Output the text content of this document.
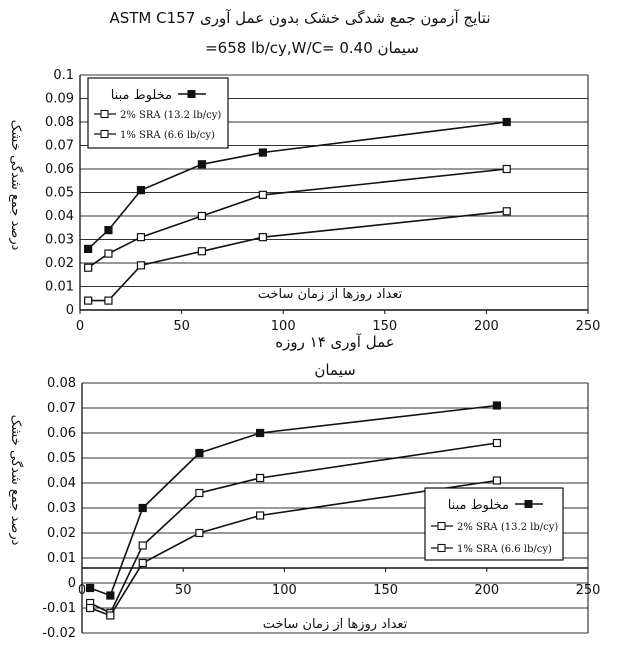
ASTM C157 نتایج آزمون جمع شدگی خشک بدون عمل آوری
=658 lb/cy,W/C= 0.40 سیمان
0
0.01
0.02
0.03
0.04
0.05
0.06
0.07
0.08
0.09
0.1
0	50	100	150	200	250
تعداد روزها از زمان ساخت
درصد جمع شدگی خشک
مخلوط مبنا
2% SRA (13.2 lb/cy)
1% SRA (6.6 lb/cy)
-0.02
-0.01
0
0.01
0.02
0.03
0.04
0.05
0.06
0.07
0.08
0	50	100	150	200	250
تعداد روزها از زمان ساخت
درصد جمع شدگی خشک
عمل آوری ۱۴ روزه
سیمان
مخلوط مبنا
2% SRA (13.2 lb/cy)
1% SRA (6.6 lb/cy)
